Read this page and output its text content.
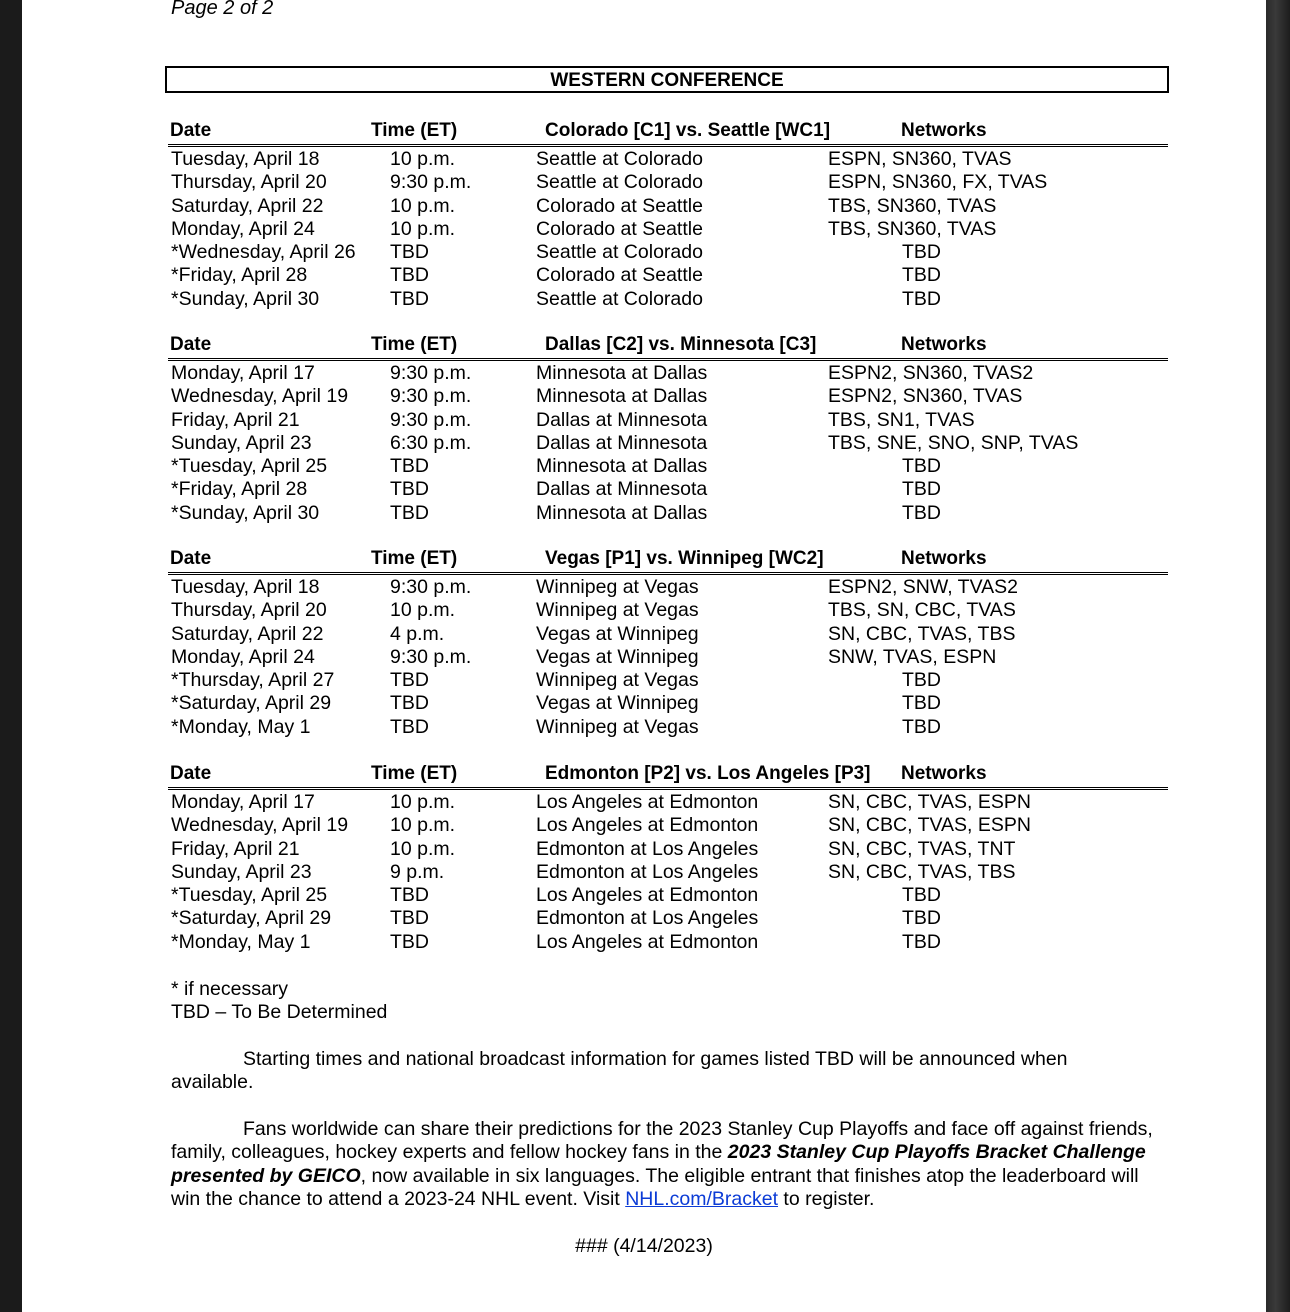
Page 2 of 2
WESTERN CONFERENCE
Date	Time (ET)	Colorado [C1] vs. Seattle [WC1]	Networks
Tuesday, April 18	10 p.m.	Seattle at Colorado	ESPN, SN360, TVAS
Thursday, April 20	9:30 p.m.	Seattle at Colorado	ESPN, SN360, FX, TVAS
Saturday, April 22	10 p.m.	Colorado at Seattle	TBS, SN360, TVAS
Monday, April 24	10 p.m.	Colorado at Seattle	TBS, SN360, TVAS
*Wednesday, April 26 TBD	Seattle at Colorado	TBD
*Friday, April 28	TBD	Colorado at Seattle	TBD
*Sunday, April 30	TBD	Seattle at Colorado	TBD
Date	Time (ET)	Dallas [C2] vs. Minnesota [C3]	Networks
Monday, April 17	9:30 p.m.	Minnesota at Dallas	ESPN2, SN360, TVAS2
Wednesday, April 19 9:30 p.m.	Minnesota at Dallas	ESPN2, SN360, TVAS
Friday, April 21	9:30 p.m.	Dallas at Minnesota	TBS, SN1, TVAS
Sunday, April 23	6:30 p.m.	Dallas at Minnesota	TBS, SNE, SNO, SNP, TVAS
*Tuesday, April 25	TBD	Minnesota at Dallas	TBD
*Friday, April 28	TBD	Dallas at Minnesota	TBD
*Sunday, April 30	TBD	Minnesota at Dallas	TBD
Date	Time (ET)	Vegas [P1] vs. Winnipeg [WC2]	Networks
Tuesday, April 18	9:30 p.m.	Winnipeg at Vegas	ESPN2, SNW, TVAS2
Thursday, April 20	10 p.m.	Winnipeg at Vegas	TBS, SN, CBC, TVAS
Saturday, April 22	4 p.m.	Vegas at Winnipeg	SN, CBC, TVAS, TBS
Monday, April 24	9:30 p.m.	Vegas at Winnipeg	SNW, TVAS, ESPN
*Thursday, April 27	TBD	Winnipeg at Vegas	TBD
*Saturday, April 29	TBD	Vegas at Winnipeg	TBD
*Monday, May 1	TBD	Winnipeg at Vegas	TBD
Date	Time (ET)	Edmonton [P2] vs. Los Angeles [P3] Networks
Monday, April 17	10 p.m.	Los Angeles at Edmonton	SN, CBC, TVAS, ESPN
Wednesday, April 19 10 p.m.	Los Angeles at Edmonton	SN, CBC, TVAS, ESPN
Friday, April 21	10 p.m.	Edmonton at Los Angeles	SN, CBC, TVAS, TNT
Sunday, April 23	9 p.m.	Edmonton at Los Angeles	SN, CBC, TVAS, TBS
*Tuesday, April 25	TBD	Los Angeles at Edmonton	TBD
*Saturday, April 29	TBD	Edmonton at Los Angeles	TBD
*Monday, May 1	TBD	Los Angeles at Edmonton	TBD
* if necessary
TBD – To Be Determined
Starting times and national broadcast information for games listed TBD will be announced when available.
Fans worldwide can share their predictions for the 2023 Stanley Cup Playoffs and face off against friends, family, colleagues, hockey experts and fellow hockey fans in the 2023 Stanley Cup Playoffs Bracket Challenge presented by GEICO, now available in six languages. The eligible entrant that finishes atop the leaderboard will win the chance to attend a 2023-24 NHL event. Visit NHL.com/Bracket to register.
### (4/14/2023)
